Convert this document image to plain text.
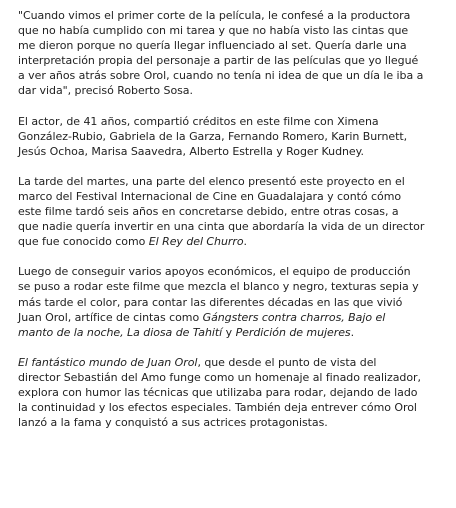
"Cuando vimos el primer corte de la película, le confesé a la productora
que no había cumplido con mi tarea y que no había visto las cintas que
me dieron porque no quería llegar influenciado al set. Quería darle una
interpretación propia del personaje a partir de las películas que yo llegué
a ver años atrás sobre Orol, cuando no tenía ni idea de que un día le iba a
dar vida", precisó Roberto Sosa.

El actor, de 41 años, compartió créditos en este filme con Ximena
González-Rubio, Gabriela de la Garza, Fernando Romero, Karin Burnett,
Jesús Ochoa, Marisa Saavedra, Alberto Estrella y Roger Kudney.

La tarde del martes, una parte del elenco presentó este proyecto en el
marco del Festival Internacional de Cine en Guadalajara y contó cómo
este filme tardó seis años en concretarse debido, entre otras cosas, a
que nadie quería invertir en una cinta que abordaría la vida de un director
que fue conocido como El Rey del Churro.

Luego de conseguir varios apoyos económicos, el equipo de producción
se puso a rodar este filme que mezcla el blanco y negro, texturas sepia y
más tarde el color, para contar las diferentes décadas en las que vivió
Juan Orol, artífice de cintas como Gángsters contra charros, Bajo el
manto de la noche, La diosa de Tahití y Perdición de mujeres.

El fantástico mundo de Juan Orol, que desde el punto de vista del
director Sebastián del Amo funge como un homenaje al finado realizador,
explora con humor las técnicas que utilizaba para rodar, dejando de lado
la continuidad y los efectos especiales. También deja entrever cómo Orol
lanzó a la fama y conquistó a sus actrices protagonistas.
